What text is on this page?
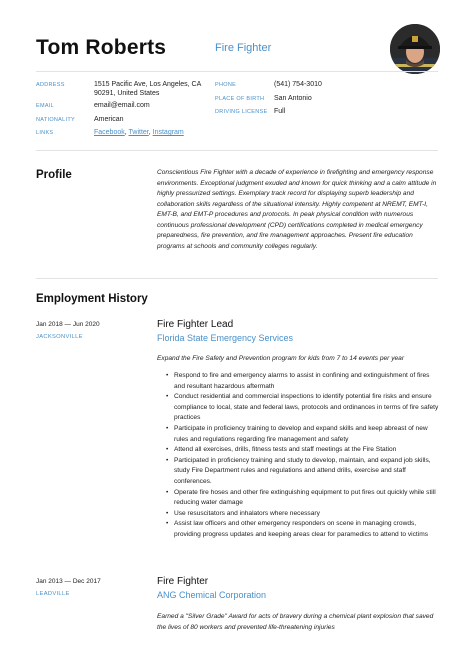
Tom Roberts	Fire Fighter
ADDRESS	1515 Pacific Ave, Los Angeles, CA
90291, United States
EMAIL	email@email.com
NATIONALITY	American
LINKS	Facebook, Twitter, Instagram
PHONE	(541) 754-3010
PLACE OF BIRTH San Antonio
DRIVING LICENSE Full
Profile	Conscientious Fire Fighter with a decade of experience in firefighting and emergency response environments. Exceptional judgment exuded and known for quick thinking and a calm attitude in highly pressurized settings. Exemplary track record for displaying superb leadership and collaboration skills regardless of the situational intensity. Highly competent at NREMT, EMT-I, EMT-B, and EMT-P procedures and protocols. In peak physical condition with numerous continuous professional development (CPD) certifications completed in medical emergency preparedness, fire prevention, and fire management approaches. Present fire education programs at schools and community colleges regularly.
Employment History
Jan 2018 — Jun 2020
JACKSONVILLE
Fire Fighter Lead
Florida State Emergency Services
Expand the Fire Safety and Prevention program for kids from 7 to 14 events per year
• Respond to fire and emergency alarms to assist in confining and extinguishment of fires and resultant hazardous aftermath
• Conduct residential and commercial inspections to identify potential fire risks and ensure compliance to local, state and federal laws, protocols and ordinances in terms of fire safety practices
• Participate in proficiency training to develop and expand skills and keep abreast of new rules and regulations regarding fire management and safety
• Attend all exercises, drills, fitness tests and staff meetings at the Fire Station
• Participated in proficiency training and study to develop, maintain, and expand job skills, study Fire Department rules and regulations and attend drills, exercise and staff conferences.
• Operate fire hoses and other fire extinguishing equipment to put fires out quickly while still reducing water damage
• Use resuscitators and inhalators where necessary
• Assist law officers and other emergency responders on scene in managing crowds, providing progress updates and keeping areas clear for paramedics to attend to victims
Jan 2013 — Dec 2017
LEADVILLE
Fire Fighter
ANG Chemical Corporation
Earned a "Silver Grade" Award for acts of bravery during a chemical plant explosion that saved the lives of 80 workers and prevented life-threatening injuries
